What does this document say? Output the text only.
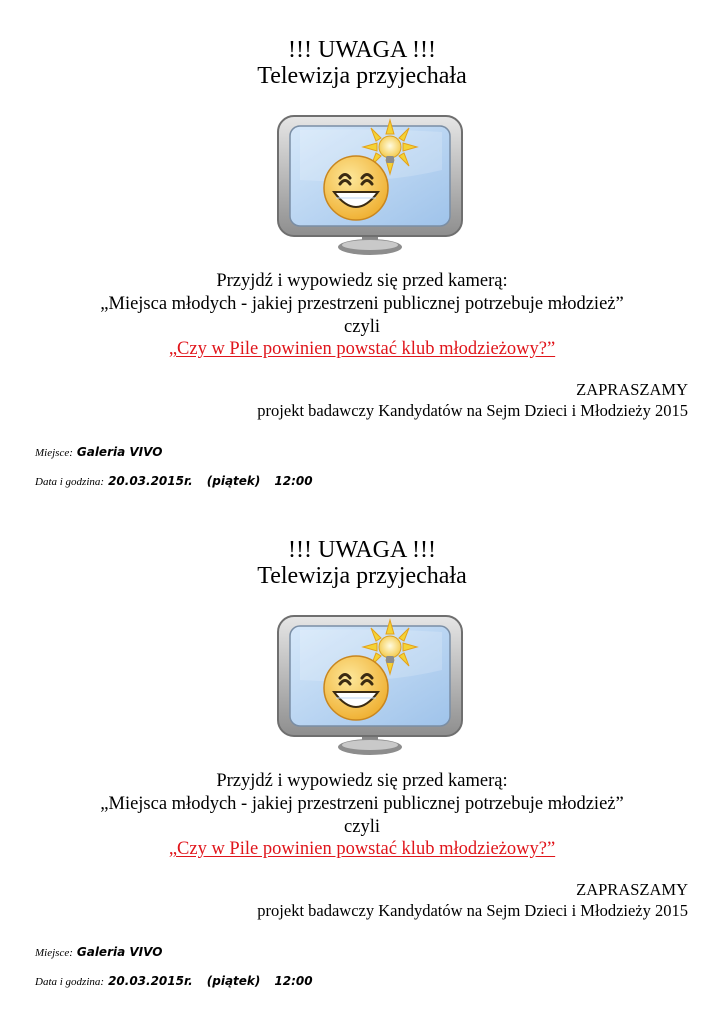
!!! UWAGA !!!
Telewizja przyjechała
Przyjdź i wypowiedz się przed kamerą:
„Miejsca młodych - jakiej przestrzeni publicznej potrzebuje młodzież”
czyli
„Czy w Pile powinien powstać klub młodzieżowy?”
ZAPRASZAMY
projekt badawczy Kandydatów na Sejm Dzieci i Młodzieży 2015
Miejsce: Galeria VIVO
Data i godzina: 20.03.2015r. (piątek) 12:00
!!! UWAGA !!!
Telewizja przyjechała
Przyjdź i wypowiedz się przed kamerą:
„Miejsca młodych - jakiej przestrzeni publicznej potrzebuje młodzież”
czyli
„Czy w Pile powinien powstać klub młodzieżowy?”
ZAPRASZAMY
projekt badawczy Kandydatów na Sejm Dzieci i Młodzieży 2015
Miejsce: Galeria VIVO
Data i godzina: 20.03.2015r. (piątek) 12:00
